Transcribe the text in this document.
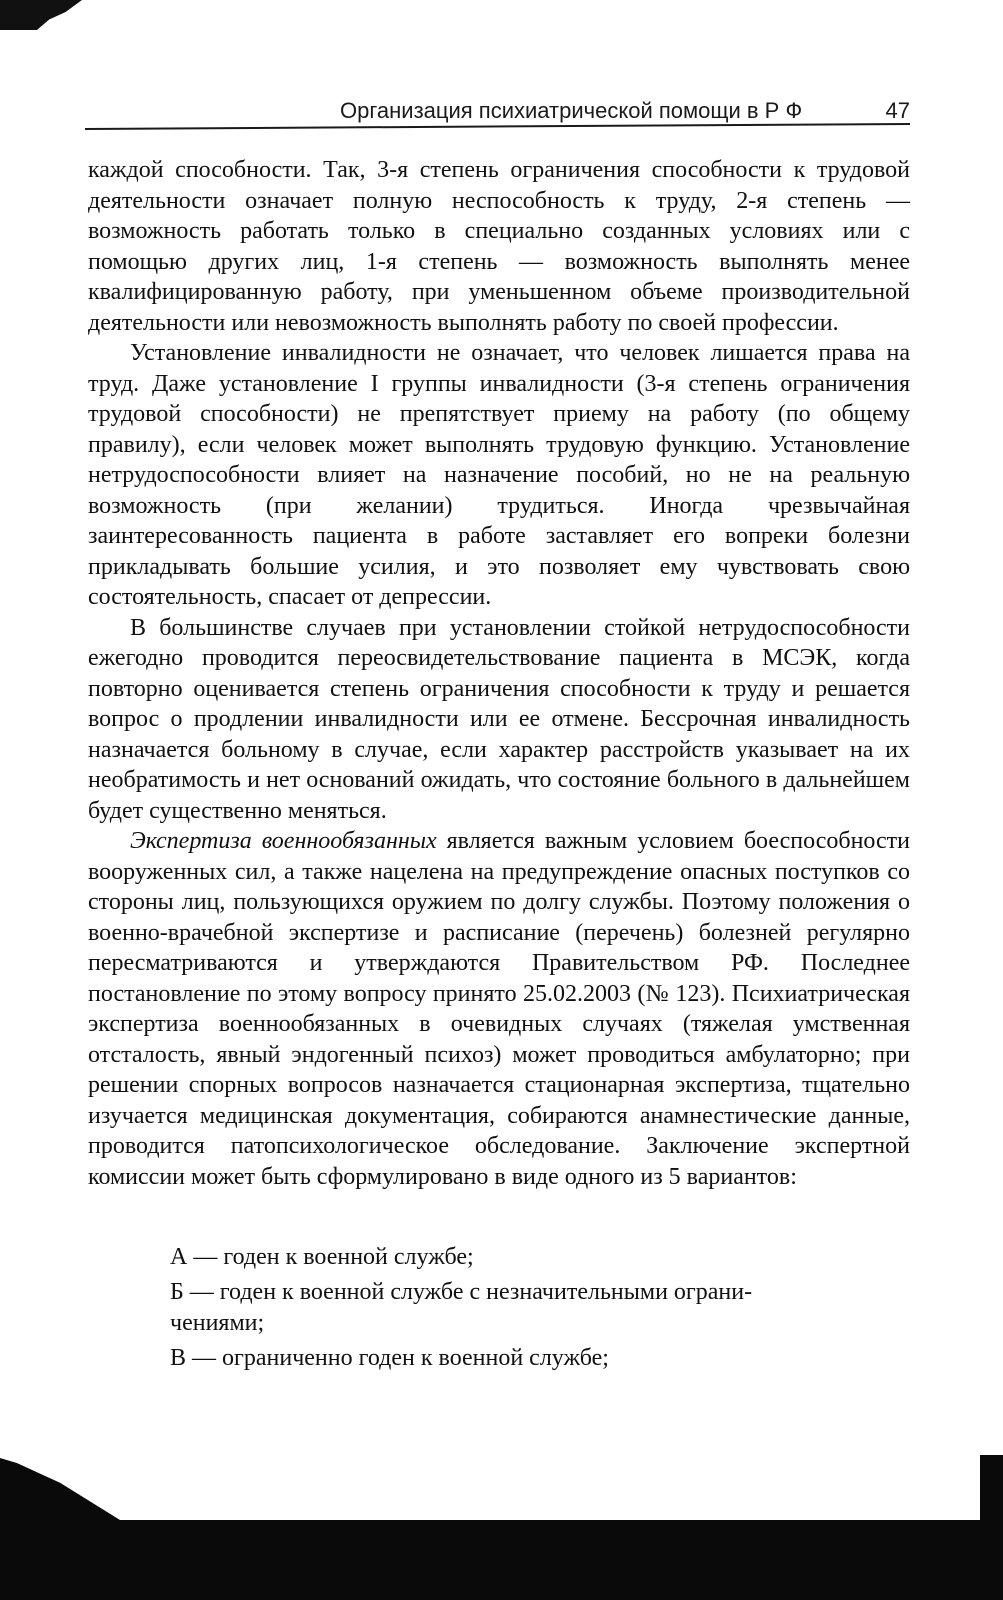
Организация психиатрической помощи в Р Ф	47

каждой способности. Так, 3-я степень ограничения способности к трудовой деятельности означает полную неспособность к труду, 2-я степень — возможность работать только в специально созданных условиях или с помощью других лиц, 1-я степень — возможность выполнять менее квалифицированную работу, при уменьшенном объеме производительной деятельности или невозможность выполнять работу по своей профессии.

Установление инвалидности не означает, что человек лишается права на труд. Даже установление I группы инвалидности (3-я степень ограничения трудовой способности) не препятствует приему на работу (по общему правилу), если человек может выполнять трудовую функцию. Установление нетрудоспособности влияет на назначение пособий, но не на реальную возможность (при желании) трудиться. Иногда чрезвычайная заинтересованность пациента в работе заставляет его вопреки болезни прикладывать большие усилия, и это позволяет ему чувствовать свою состоятельность, спасает от депрессии.

В большинстве случаев при установлении стойкой нетрудоспособности ежегодно проводится переосвидетельствование пациента в МСЭК, когда повторно оценивается степень ограничения способности к труду и решается вопрос о продлении инвалидности или ее отмене. Бессрочная инвалидность назначается больному в случае, если характер расстройств указывает на их необратимость и нет оснований ожидать, что состояние больного в дальнейшем будет существенно меняться.

Экспертиза военнообязанных является важным условием боеспособности вооруженных сил, а также нацелена на предупреждение опасных поступков со стороны лиц, пользующихся оружием по долгу службы. Поэтому положения о военно-врачебной экспертизе и расписание (перечень) болезней регулярно пересматриваются и утверждаются Правительством РФ. Последнее постановление по этому вопросу принято 25.02.2003 (№ 123). Психиатрическая экспертиза военнообязанных в очевидных случаях (тяжелая умственная отсталость, явный эндогенный психоз) может проводиться амбулаторно; при решении спорных вопросов назначается стационарная экспертиза, тщательно изучается медицинская документация, собираются анамнестические данные, проводится патопсихологическое обследование. Заключение экспертной комиссии может быть сформулировано в виде одного из 5 вариантов:

А — годен к военной службе;
Б — годен к военной службе с незначительными ограни-
чениями;
В — ограниченно годен к военной службе;
